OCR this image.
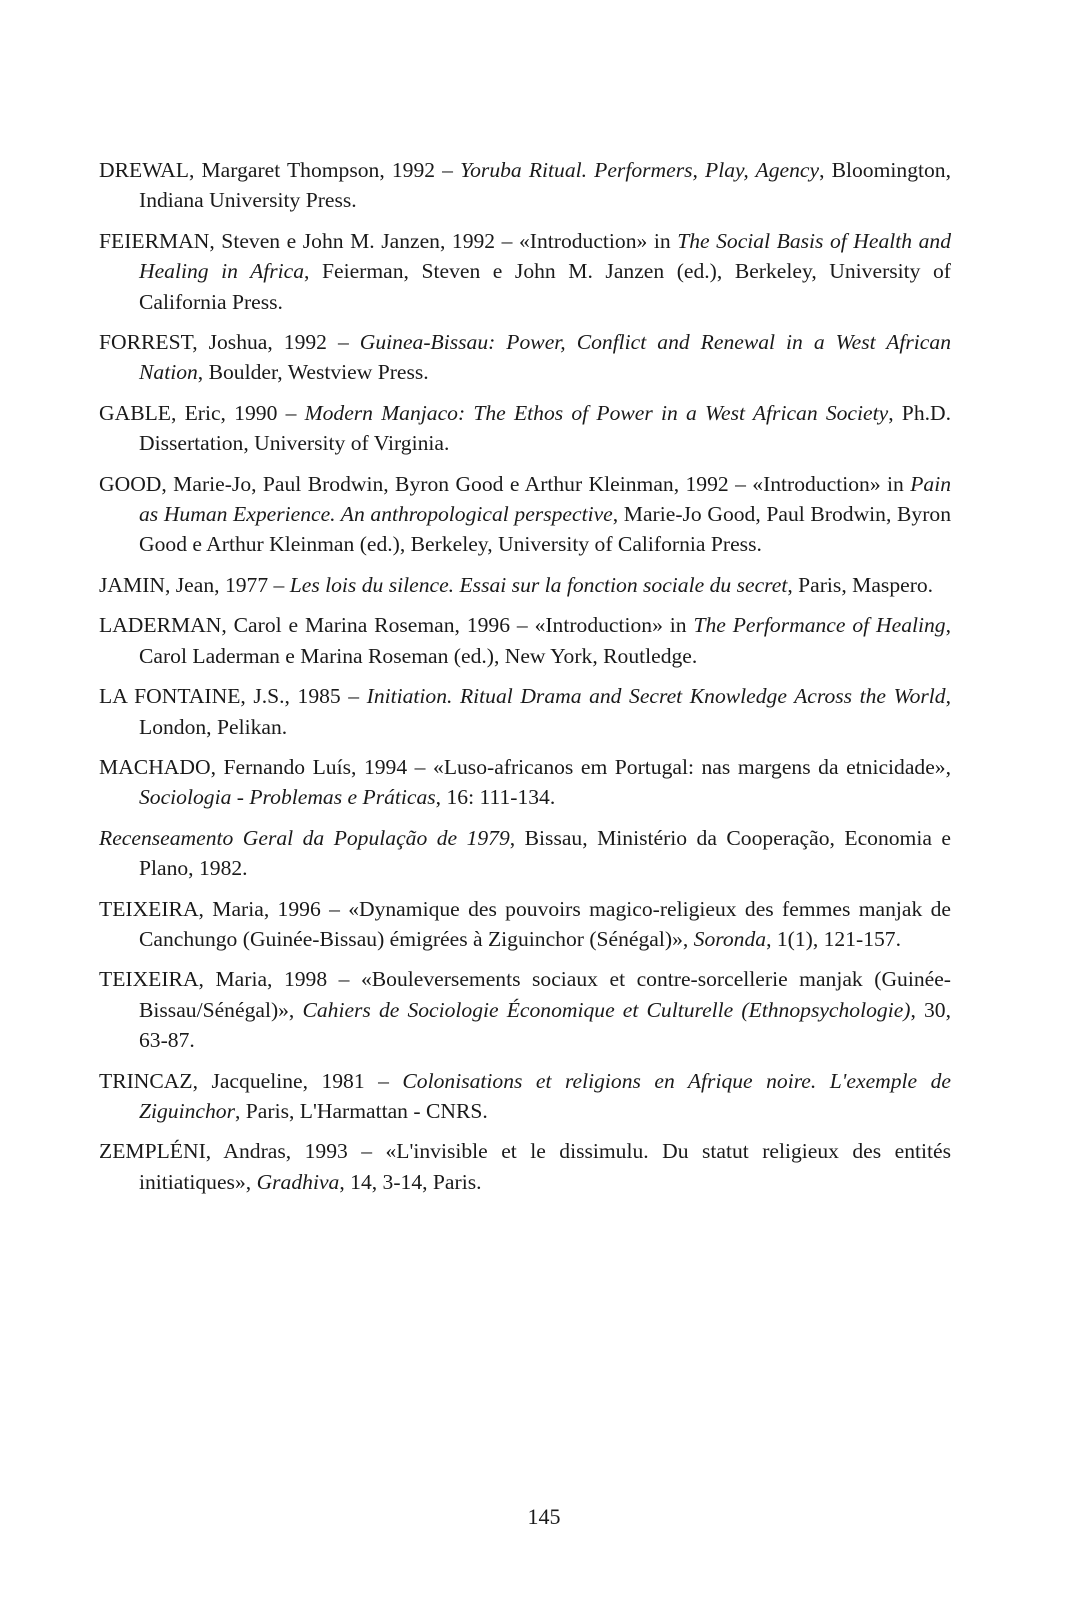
DREWAL, Margaret Thompson, 1992 – Yoruba Ritual. Performers, Play, Agency, Bloomington, Indiana University Press.

FEIERMAN, Steven e John M. Janzen, 1992 – «Introduction» in The Social Basis of Health and Healing in Africa, Feierman, Steven e John M. Janzen (ed.), Berkeley, University of California Press.

FORREST, Joshua, 1992 – Guinea-Bissau: Power, Conflict and Renewal in a West African Nation, Boulder, Westview Press.

GABLE, Eric, 1990 – Modern Manjaco: The Ethos of Power in a West African Society, Ph.D. Dissertation, University of Virginia.

GOOD, Marie-Jo, Paul Brodwin, Byron Good e Arthur Kleinman, 1992 – «Introduction» in Pain as Human Experience. An anthropological perspective, Marie-Jo Good, Paul Brodwin, Byron Good e Arthur Kleinman (ed.), Berkeley, University of California Press.

JAMIN, Jean, 1977 – Les lois du silence. Essai sur la fonction sociale du secret, Paris, Maspero.

LADERMAN, Carol e Marina Roseman, 1996 – «Introduction» in The Performance of Healing, Carol Laderman e Marina Roseman (ed.), New York, Routledge.

LA FONTAINE, J.S., 1985 – Initiation. Ritual Drama and Secret Knowledge Across the World, London, Pelikan.

MACHADO, Fernando Luís, 1994 – «Luso-africanos em Portugal: nas margens da etnicidade», Sociologia - Problemas e Práticas, 16: 111-134.

Recenseamento Geral da População de 1979, Bissau, Ministério da Cooperação, Economia e Plano, 1982.

TEIXEIRA, Maria, 1996 – «Dynamique des pouvoirs magico-religieux des femmes manjak de Canchungo (Guinée-Bissau) émigrées à Ziguinchor (Sénégal)», Soronda, 1(1), 121-157.

TEIXEIRA, Maria, 1998 – «Bouleversements sociaux et contre-sorcellerie manjak (Guinée-Bissau/Sénégal)», Cahiers de Sociologie Économique et Culturelle (Ethnopsychologie), 30, 63-87.

TRINCAZ, Jacqueline, 1981 – Colonisations et religions en Afrique noire. L'exemple de Ziguinchor, Paris, L'Harmattan - CNRS.

ZEMPLÉNI, Andras, 1993 – «L'invisible et le dissimulu. Du statut religieux des entités initiatiques», Gradhiva, 14, 3-14, Paris.

145
